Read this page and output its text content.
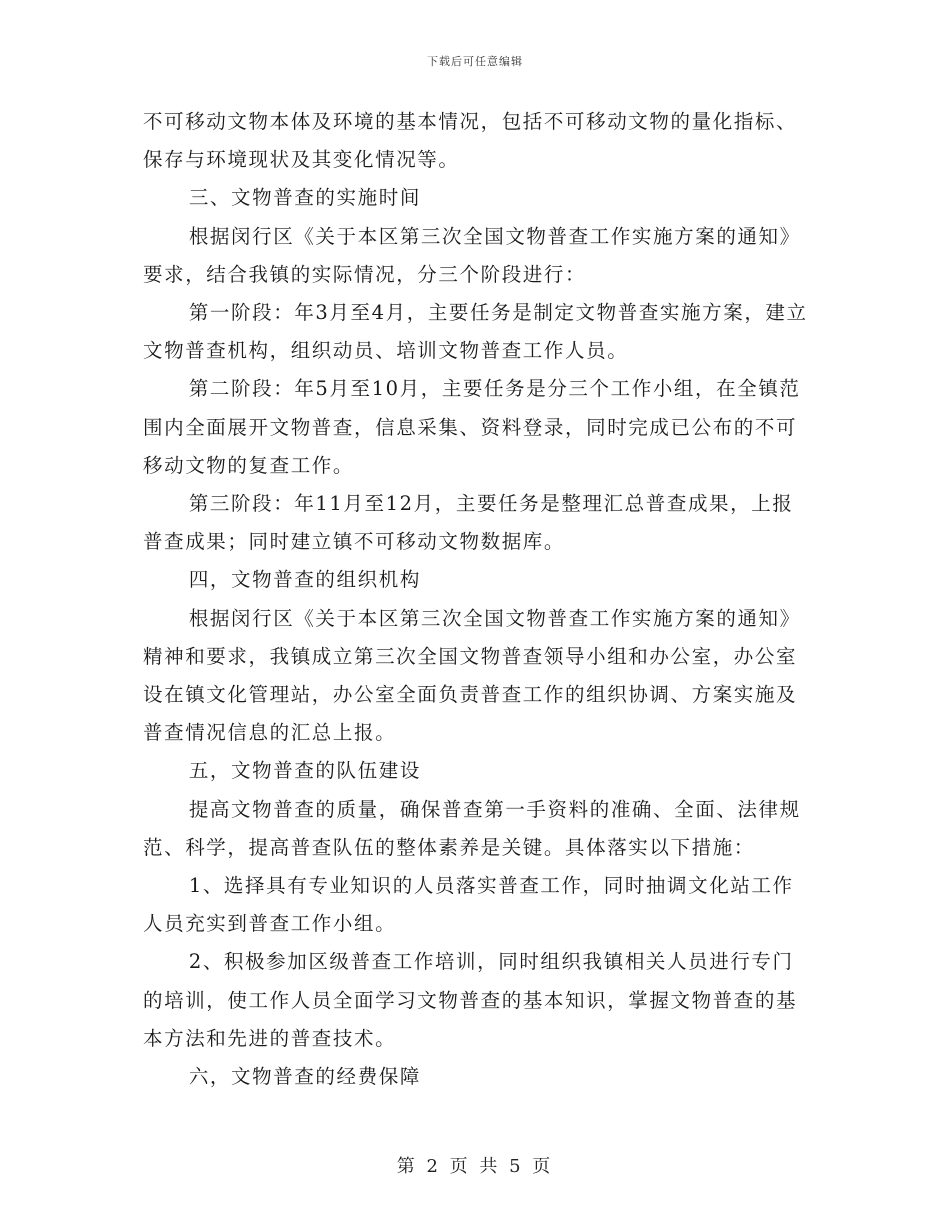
下载后可任意编辑

不可移动文物本体及环境的基本情况，包括不可移动文物的量化指标、保存与环境现状及其变化情况等。

三、文物普查的实施时间

根据闵行区《关于本区第三次全国文物普查工作实施方案的通知》要求，结合我镇的实际情况，分三个阶段进行：

第一阶段：年3月至4月，主要任务是制定文物普查实施方案，建立文物普查机构，组织动员、培训文物普查工作人员。

第二阶段：年5月至10月，主要任务是分三个工作小组，在全镇范围内全面展开文物普查，信息采集、资料登录，同时完成已公布的不可移动文物的复查工作。

第三阶段：年11月至12月，主要任务是整理汇总普查成果，上报普查成果；同时建立镇不可移动文物数据库。

四，文物普查的组织机构

根据闵行区《关于本区第三次全国文物普查工作实施方案的通知》精神和要求，我镇成立第三次全国文物普查领导小组和办公室，办公室设在镇文化管理站，办公室全面负责普查工作的组织协调、方案实施及普查情况信息的汇总上报。

五，文物普查的队伍建设

提高文物普查的质量，确保普查第一手资料的准确、全面、法律规范、科学，提高普查队伍的整体素养是关键。具体落实以下措施：

1、选择具有专业知识的人员落实普查工作，同时抽调文化站工作人员充实到普查工作小组。

2、积极参加区级普查工作培训，同时组织我镇相关人员进行专门的培训，使工作人员全面学习文物普查的基本知识，掌握文物普查的基本方法和先进的普查技术。

六，文物普查的经费保障

第 2 页 共 5 页
